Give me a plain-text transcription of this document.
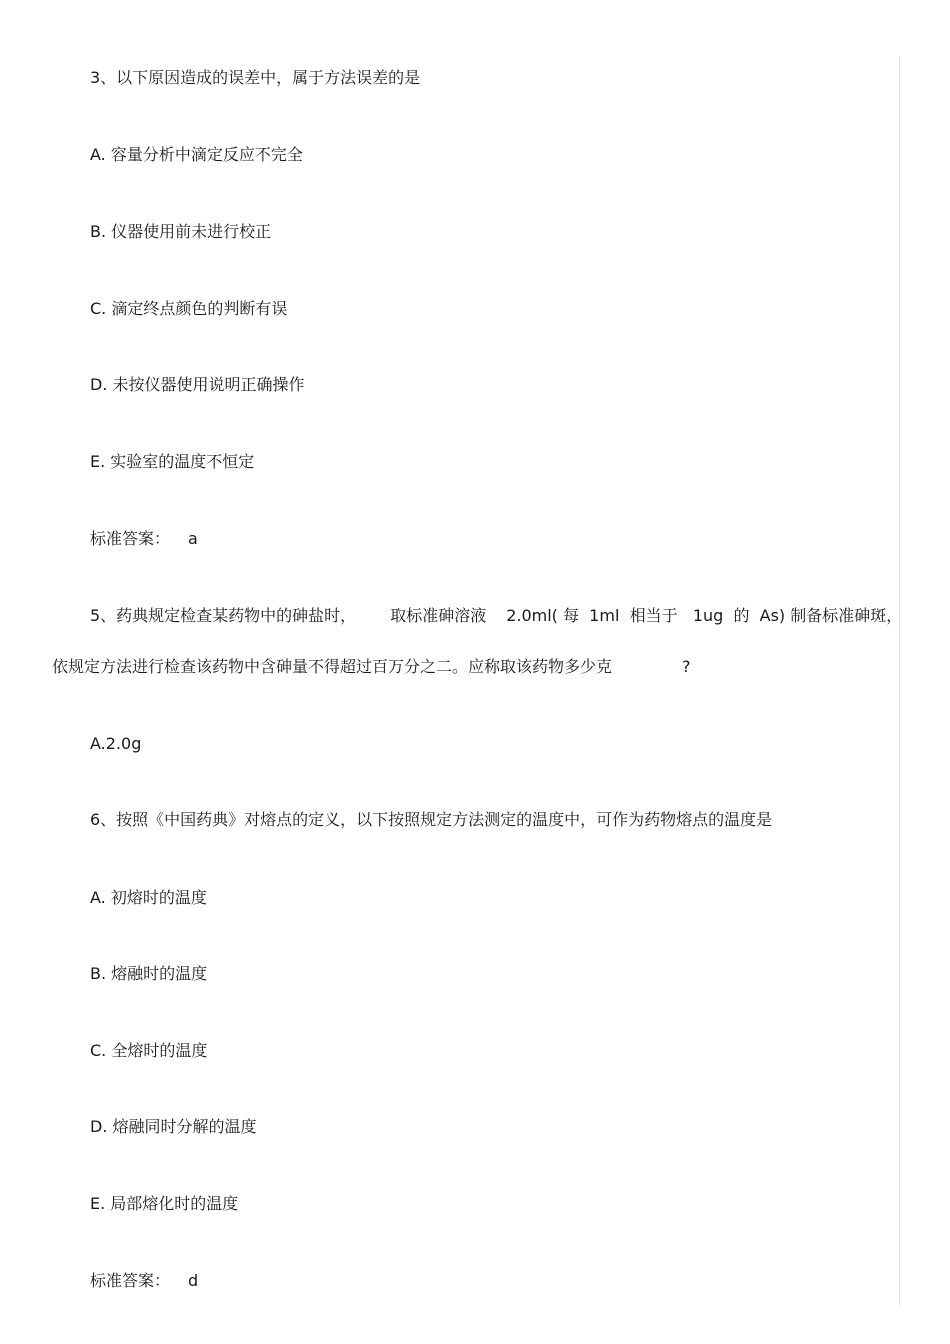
3、以下原因造成的误差中，属于方法误差的是
A. 容量分析中滴定反应不完全
B. 仪器使用前未进行校正
C. 滴定终点颜色的判断有误
D. 未按仪器使用说明正确操作
E. 实验室的温度不恒定
标准答案： a
5、药典规定检查某药物中的砷盐时， 取标准砷溶液 2.0ml( 每  1ml  相当于   1ug  的  As) 制备标准砷斑，
依规定方法进行检查该药物中含砷量不得超过百万分之二。应称取该药物多少克	?
A.2.0g
6、按照《中国药典》对熔点的定义，以下按照规定方法测定的温度中，可作为药物熔点的温度是
A. 初熔时的温度
B. 熔融时的温度
C. 全熔时的温度
D. 熔融同时分解的温度
E. 局部熔化时的温度
标准答案： d
